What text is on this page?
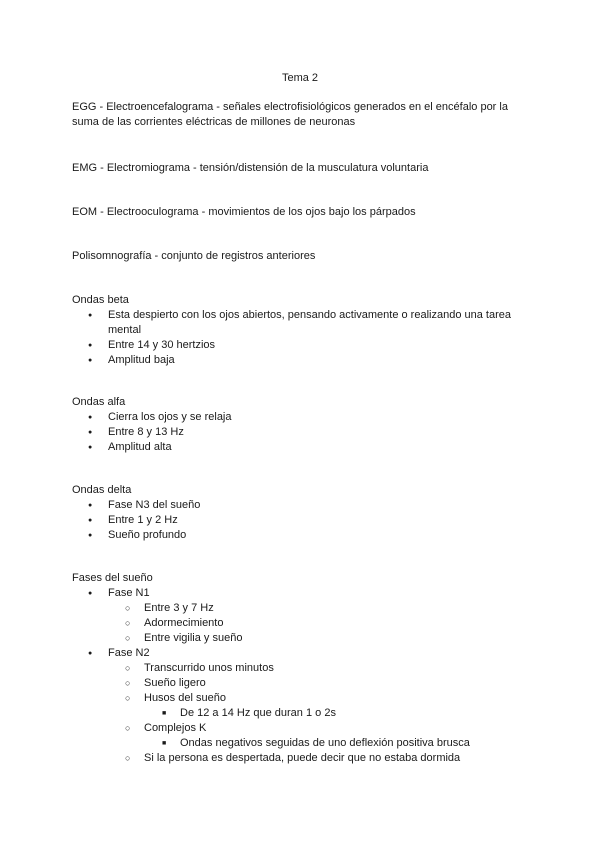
Tema 2
EGG - Electroencefalograma - señales electrofisiológicos generados en el encéfalo por la suma de las corrientes eléctricas de millones de neuronas
EMG - Electromiograma - tensión/distensión de la musculatura voluntaria
EOM - Electrooculograma - movimientos de los ojos bajo los párpados
Polisomnografía - conjunto de registros anteriores
Ondas beta
● Esta despierto con los ojos abiertos, pensando activamente o realizando una tarea mental
● Entre 14 y 30 hertzios
● Amplitud baja
Ondas alfa
● Cierra los ojos y se relaja
● Entre 8 y 13 Hz
● Amplitud alta
Ondas delta
● Fase N3 del sueño
● Entre 1 y 2 Hz
● Sueño profundo
Fases del sueño
● Fase N1
○ Entre 3 y 7 Hz
○ Adormecimiento
○ Entre vigilia y sueño
● Fase N2
○ Transcurrido unos minutos
○ Sueño ligero
○ Husos del sueño
■ De 12 a 14 Hz que duran 1 o 2s
○ Complejos K
■ Ondas negativos seguidas de uno deflexión positiva brusca
○ Si la persona es despertada, puede decir que no estaba dormida
